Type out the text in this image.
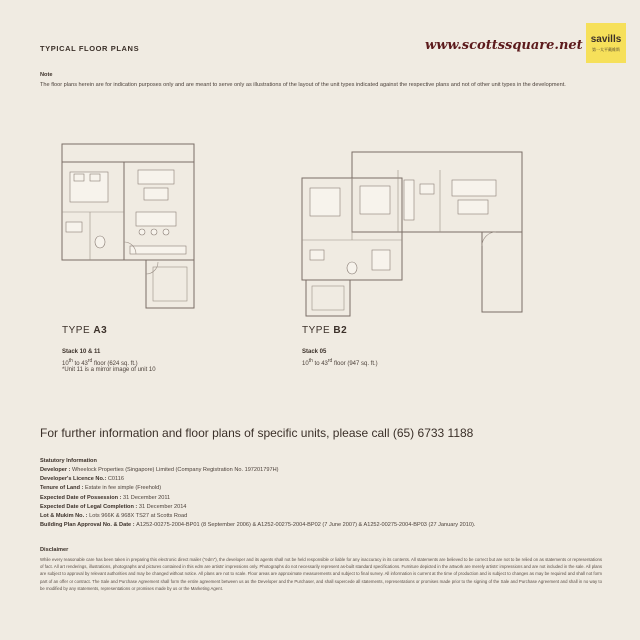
TYPICAL FLOOR PLANS	www.scottssquare.net savills
第一太平戴維斯
Note
The floor plans herein are for indication purposes only and are meant to serve only as illustrations of the layout of the unit types indicated against the respective plans and not of other unit types in the development.
TYPE A3
Stack 10 & 11
10th to 43rd floor (624 sq. ft.)
*Unit 11 is a mirror image of unit 10
TYPE B2
Stack 05
10th to 43rd floor (947 sq. ft.)
For further information and floor plans of specific units, please call (65) 6733 1188
Statutory Information
Developer : Wheelock Properties (Singapore) Limited (Company Registration No. 197201797H)
Developer's Licence No.: C0116
Tenure of Land : Estate in fee simple (Freehold)
Expected Date of Possession : 31 December 2011
Expected Date of Legal Completion : 31 December 2014
Lot & Mukim No. : Lots 966K & 968X TS27 at Scotts Road
Building Plan Approval No. & Date : A1252-00275-2004-BP01 (8 September 2006) & A1252-00275-2004-BP02 (7 June 2007) & A1252-00275-2004-BP03 (27 January 2010).
Disclaimer
While every reasonable care has been taken in preparing this electronic direct mailer ("edm"), the developer and its agents shall not be held responsible or liable for any inaccuracy in its contents. All statements are believed to be correct but are not to be relied on as statements or representations of fact. All art renderings, illustrations, photographs and pictures contained in this edm are artists' impressions only. Photographs do not necessarily represent as-built standard specifications. Furniture depicted in the artwork are merely artists' impressions and are not included in the sale. All plans are subject to approval by relevant authorities and may be changed without notice. All plans are not to scale. Floor areas are approximate measurements and subject to final survey. All information is current at the time of production and is subject to changes as may be required and shall not form part of an offer or contract. The Sale and Purchase Agreement shall form the entire agreement between us as the Developer and the Purchaser, and shall supercede all statements, representations or promises made prior to the signing of the Sale and Purchase Agreement and shall in no way to be modified by any statements, representations or promises made by us or the Marketing Agent.
